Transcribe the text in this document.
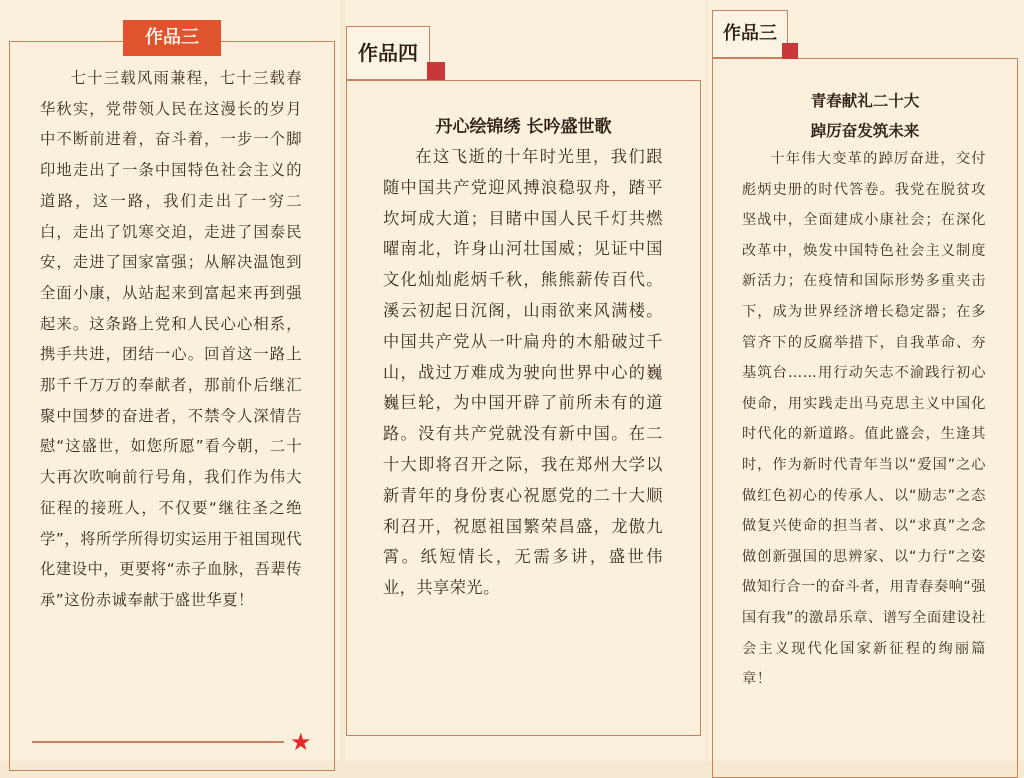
作品三

七十三载风雨兼程，七十三载春华秋实，党带领人民在这漫长的岁月中不断前进着，奋斗着，一步一个脚印地走出了一条中国特色社会主义的道路，这一路，我们走出了一穷二白，走出了饥寒交迫，走进了国泰民安，走进了国家富强；从解决温饱到全面小康，从站起来到富起来再到强起来。这条路上党和人民心心相系，携手共进，团结一心。回首这一路上那千千万万的奉献者，那前仆后继汇聚中国梦的奋进者，不禁令人深情告慰“这盛世，如您所愿”看今朝，二十大再次吹响前行号角，我们作为伟大征程的接班人，不仅要“继往圣之绝学”，将所学所得切实运用于祖国现代化建设中，更要将“赤子血脉，吾辈传承”这份赤诚奉献于盛世华夏！

★
作品四
丹心绘锦绣 长吟盛世歌

在这飞逝的十年时光里，我们跟随中国共产党迎风搏浪稳驭舟，踏平坎坷成大道；目睹中国人民千灯共燃曜南北，许身山河壮国威；见证中国文化灿灿彪炳千秋，熊熊薪传百代。溪云初起日沉阁，山雨欲来风满楼。中国共产党从一叶扁舟的木船破过千山，战过万难成为驶向世界中心的巍巍巨轮，为中国开辟了前所未有的道路。没有共产党就没有新中国。在二十大即将召开之际，我在郑州大学以新青年的身份衷心祝愿党的二十大顺利召开，祝愿祖国繁荣昌盛，龙傲九霄。纸短情长，无需多讲，盛世伟业，共享荣光。

作品三
青春献礼二十大
踔厉奋发筑未来

十年伟大变革的踔厉奋进，交付彪炳史册的时代答卷。我党在脱贫攻坚战中，全面建成小康社会；在深化改革中，焕发中国特色社会主义制度新活力；在疫情和国际形势多重夹击下，成为世界经济增长稳定器；在多管齐下的反腐举措下，自我革命、夯基筑台……用行动矢志不渝践行初心使命，用实践走出马克思主义中国化时代化的新道路。值此盛会，生逢其时，作为新时代青年当以“爱国”之心做红色初心的传承人、以“励志”之态做复兴使命的担当者、以“求真”之念做创新强国的思辨家、以“力行”之姿做知行合一的奋斗者，用青春奏响“强国有我”的激昂乐章、谱写全面建设社会主义现代化国家新征程的绚丽篇章！
